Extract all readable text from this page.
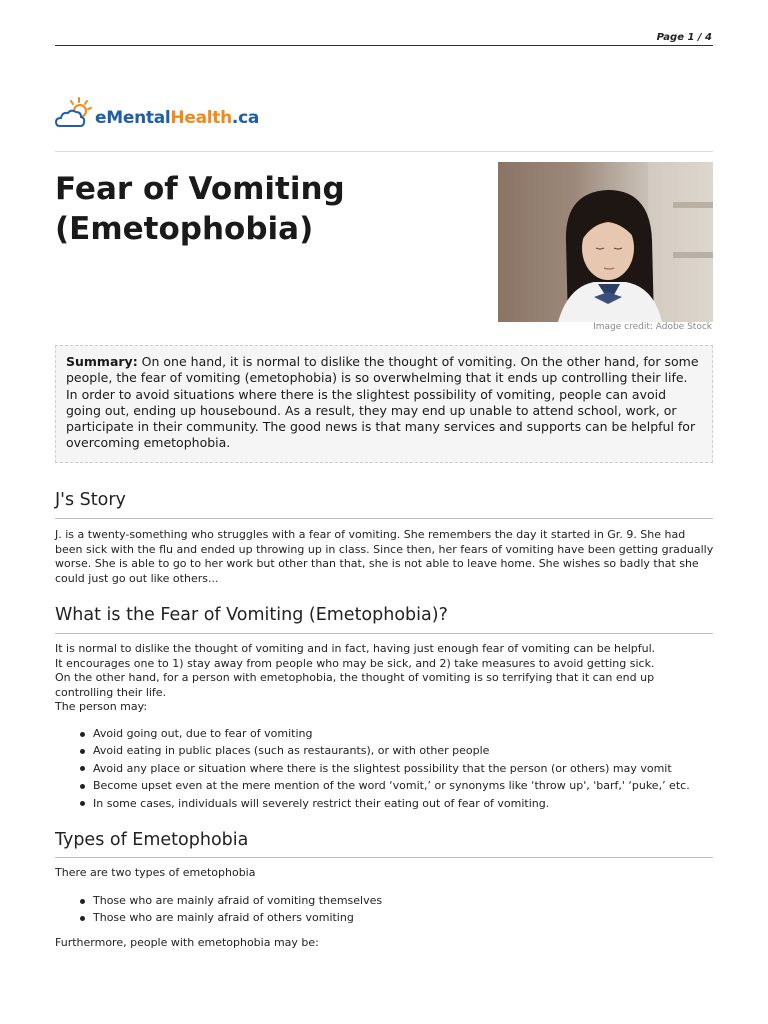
Page 1 / 4
eMentalHealth.ca
Fear of Vomiting
(Emetophobia)
Image credit: Adobe Stock
Summary: On one hand, it is normal to dislike the thought of vomiting. On the other hand, for some people, the fear of vomiting (emetophobia) is so overwhelming that it ends up controlling their life. In order to avoid situations where there is the slightest possibility of vomiting, people can avoid going out, ending up housebound. As a result, they may end up unable to attend school, work, or participate in their community. The good news is that many services and supports can be helpful for overcoming emetophobia.
J's Story
J. is a twenty-something who struggles with a fear of vomiting. She remembers the day it started in Gr. 9. She had been sick with the flu and ended up throwing up in class. Since then, her fears of vomiting have been getting gradually worse. She is able to go to her work but other than that, she is not able to leave home. She wishes so badly that she could just go out like others...
What is the Fear of Vomiting (Emetophobia)?
It is normal to dislike the thought of vomiting and in fact, having just enough fear of vomiting can be helpful.
It encourages one to 1) stay away from people who may be sick, and 2) take measures to avoid getting sick.
On the other hand, for a person with emetophobia, the thought of vomiting is so terrifying that it can end up controlling their life.
The person may:
Avoid going out, due to fear of vomiting
Avoid eating in public places (such as restaurants), or with other people
Avoid any place or situation where there is the slightest possibility that the person (or others) may vomit
Become upset even at the mere mention of the word ‘vomit,’ or synonyms like ‘throw up', 'barf,' ‘puke,’ etc.
In some cases, individuals will severely restrict their eating out of fear of vomiting.
Types of Emetophobia
There are two types of emetophobia
Those who are mainly afraid of vomiting themselves
Those who are mainly afraid of others vomiting
Furthermore, people with emetophobia may be:
